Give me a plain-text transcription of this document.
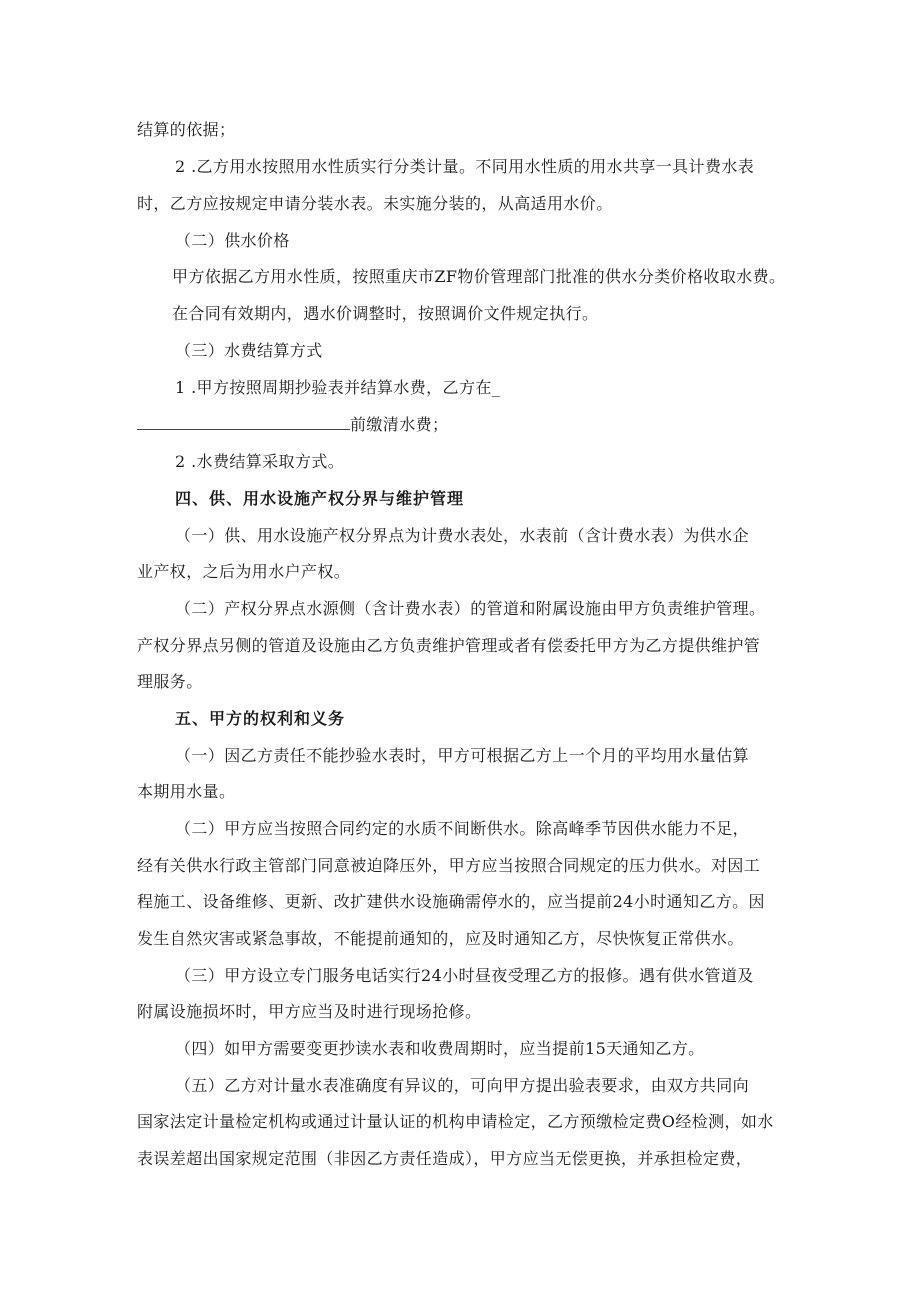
结算的依据；
2 .乙方用水按照用水性质实行分类计量。不同用水性质的用水共享一具计费水表
时，乙方应按规定申请分装水表。未实施分装的，从高适用水价。
（二）供水价格
甲方依据乙方用水性质，按照重庆市ZF物价管理部门批准的供水分类价格收取水费。
在合同有效期内，遇水价调整时，按照调价文件规定执行。
（三）水费结算方式
1 .甲方按照周期抄验表并结算水费，乙方在_
前缴清水费；
2 .水费结算采取方式。
四、供、用水设施产权分界与维护管理
（一）供、用水设施产权分界点为计费水表处，水表前（含计费水表）为供水企
业产权，之后为用水户产权。
（二）产权分界点水源侧（含计费水表）的管道和附属设施由甲方负责维护管理。
产权分界点另侧的管道及设施由乙方负责维护管理或者有偿委托甲方为乙方提供维护管
理服务。
五、甲方的权利和义务
（一）因乙方责任不能抄验水表时，甲方可根据乙方上一个月的平均用水量估算
本期用水量。
（二）甲方应当按照合同约定的水质不间断供水。除高峰季节因供水能力不足，
经有关供水行政主管部门同意被迫降压外，甲方应当按照合同规定的压力供水。对因工
程施工、设备维修、更新、改扩建供水设施确需停水的，应当提前24小时通知乙方。因
发生自然灾害或紧急事故，不能提前通知的，应及时通知乙方，尽快恢复正常供水。
（三）甲方设立专门服务电话实行24小时昼夜受理乙方的报修。遇有供水管道及
附属设施损坏时，甲方应当及时进行现场抢修。
（四）如甲方需要变更抄读水表和收费周期时，应当提前15天通知乙方。
（五）乙方对计量水表准确度有异议的，可向甲方提出验表要求，由双方共同向
国家法定计量检定机构或通过计量认证的机构申请检定，乙方预缴检定费O经检测，如水
表误差超出国家规定范围（非因乙方责任造成），甲方应当无偿更换，并承担检定费，
